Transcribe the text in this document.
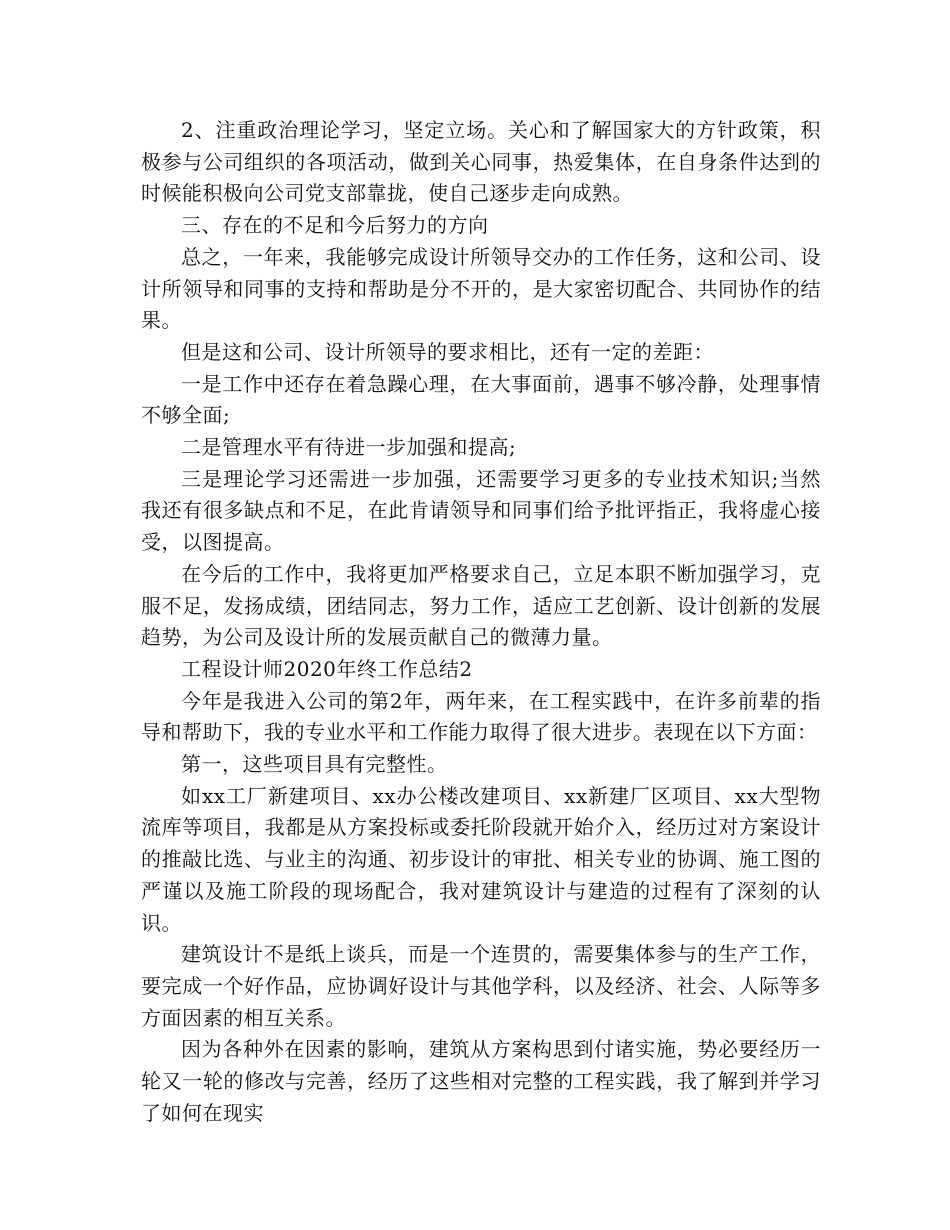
2、注重政治理论学习，坚定立场。关心和了解国家大的方针政策，积极参与公司组织的各项活动，做到关心同事，热爱集体，在自身条件达到的时候能积极向公司党支部靠拢，使自己逐步走向成熟。

三、存在的不足和今后努力的方向

总之，一年来，我能够完成设计所领导交办的工作任务，这和公司、设计所领导和同事的支持和帮助是分不开的，是大家密切配合、共同协作的结果。

但是这和公司、设计所领导的要求相比，还有一定的差距：

一是工作中还存在着急躁心理，在大事面前，遇事不够冷静，处理事情不够全面;

二是管理水平有待进一步加强和提高;

三是理论学习还需进一步加强，还需要学习更多的专业技术知识;当然我还有很多缺点和不足，在此肯请领导和同事们给予批评指正，我将虚心接受，以图提高。

在今后的工作中，我将更加严格要求自己，立足本职不断加强学习，克服不足，发扬成绩，团结同志，努力工作，适应工艺创新、设计创新的发展趋势，为公司及设计所的发展贡献自己的微薄力量。

工程设计师2020年终工作总结2

今年是我进入公司的第2年，两年来，在工程实践中，在许多前辈的指导和帮助下，我的专业水平和工作能力取得了很大进步。表现在以下方面：

第一，这些项目具有完整性。

如xx工厂新建项目、xx办公楼改建项目、xx新建厂区项目、xx大型物流库等项目，我都是从方案投标或委托阶段就开始介入，经历过对方案设计的推敲比选、与业主的沟通、初步设计的审批、相关专业的协调、施工图的严谨以及施工阶段的现场配合，我对建筑设计与建造的过程有了深刻的认识。

建筑设计不是纸上谈兵，而是一个连贯的，需要集体参与的生产工作，要完成一个好作品，应协调好设计与其他学科，以及经济、社会、人际等多方面因素的相互关系。

因为各种外在因素的影响，建筑从方案构思到付诸实施，势必要经历一轮又一轮的修改与完善，经历了这些相对完整的工程实践，我了解到并学习了如何在现实
